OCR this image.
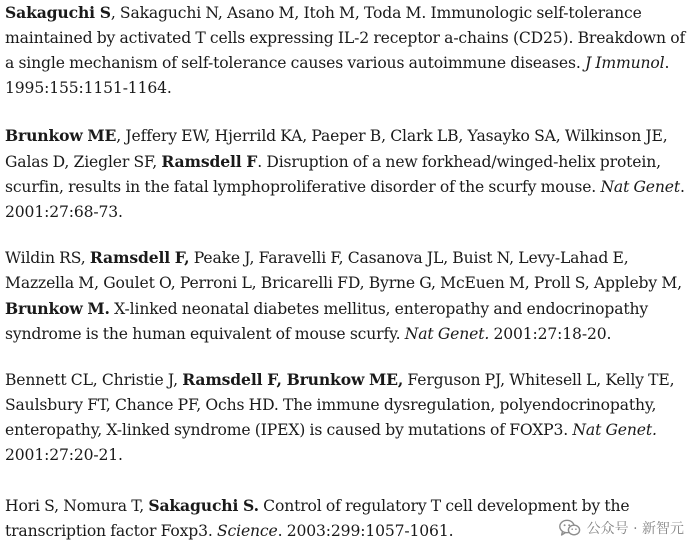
Sakaguchi S, Sakaguchi N, Asano M, Itoh M, Toda M. Immunologic self-tolerance maintained by activated T cells expressing IL-2 receptor a-chains (CD25). Breakdown of a single mechanism of self-tolerance causes various autoimmune diseases. J Immunol. 1995:155:1151-1164.

Brunkow ME, Jeffery EW, Hjerrild KA, Paeper B, Clark LB, Yasayko SA, Wilkinson JE, Galas D, Ziegler SF, Ramsdell F. Disruption of a new forkhead/winged-helix protein, scurfin, results in the fatal lymphoproliferative disorder of the scurfy mouse. Nat Genet. 2001:27:68-73.

Wildin RS, Ramsdell F, Peake J, Faravelli F, Casanova JL, Buist N, Levy-Lahad E, Mazzella M, Goulet O, Perroni L, Bricarelli FD, Byrne G, McEuen M, Proll S, Appleby M, Brunkow M. X-linked neonatal diabetes mellitus, enteropathy and endocrinopathy syndrome is the human equivalent of mouse scurfy. Nat Genet. 2001:27:18-20.

Bennett CL, Christie J, Ramsdell F, Brunkow ME, Ferguson PJ, Whitesell L, Kelly TE, Saulsbury FT, Chance PF, Ochs HD. The immune dysregulation, polyendocrinopathy, enteropathy, X-linked syndrome (IPEX) is caused by mutations of FOXP3. Nat Genet. 2001:27:20-21.

Hori S, Nomura T, Sakaguchi S. Control of regulatory T cell development by the transcription factor Foxp3. Science. 2003:299:1057-1061.	公众号 · 新智元
